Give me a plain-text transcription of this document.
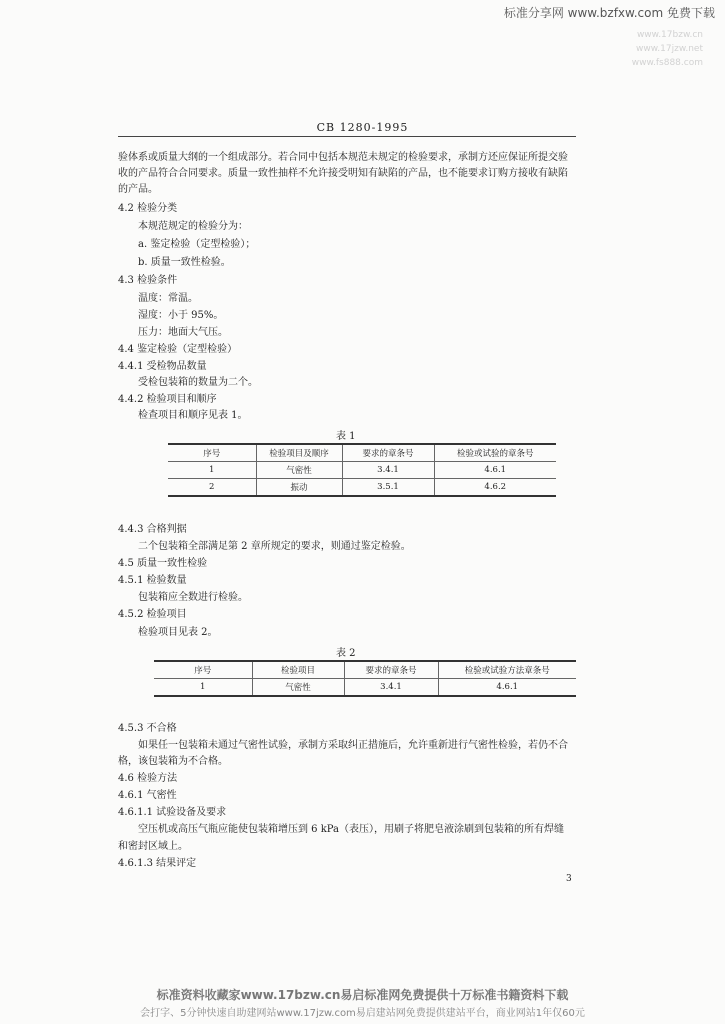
标准分享网 www.bzfxw.com 免费下载
www.17bzw.cn
www.17jzw.net
www.fs888.com
CB 1280-1995
验体系或质量大纲的一个组成部分。若合同中包括本规范未规定的检验要求，承制方还应保证所提交验
收的产品符合合同要求。质量一致性抽样不允许接受明知有缺陷的产品，也不能要求订购方接收有缺陷
的产品。
4.2 检验分类
本规范规定的检验分为：
a. 鉴定检验（定型检验）；
b. 质量一致性检验。
4.3 检验条件
温度：常温。
湿度：小于 95%。
压力：地面大气压。
4.4 鉴定检验（定型检验）
4.4.1 受检物品数量
受检包装箱的数量为二个。
4.4.2 检验项目和顺序
检查项目和顺序见表 1。
表 1
序号	检验项目及顺序	要求的章条号	检验或试验的章条号
1	气密性	3.4.1	4.6.1
2	振动	3.5.1	4.6.2
4.4.3 合格判据
二个包装箱全部满足第 2 章所规定的要求，则通过鉴定检验。
4.5 质量一致性检验
4.5.1 检验数量
包装箱应全数进行检验。
4.5.2 检验项目
检验项目见表 2。
表 2
序号	检验项目	要求的章条号	检验或试验方法章条号
1	气密性	3.4.1	4.6.1
4.5.3 不合格
如果任一包装箱未通过气密性试验，承制方采取纠正措施后，允许重新进行气密性检验，若仍不合
格，该包装箱为不合格。
4.6 检验方法
4.6.1 气密性
4.6.1.1 试验设备及要求
空压机或高压气瓶应能使包装箱增压到 6 kPa（表压），用刷子将肥皂液涂刷到包装箱的所有焊缝
和密封区域上。
4.6.1.3 结果评定
3
标准资料收藏家www.17bzw.cn易启标准网免费提供十万标准书籍资料下载
会打字、5分钟快速自助建网站www.17jzw.com易启建站网免费提供建站平台，商业网站1年仅60元
